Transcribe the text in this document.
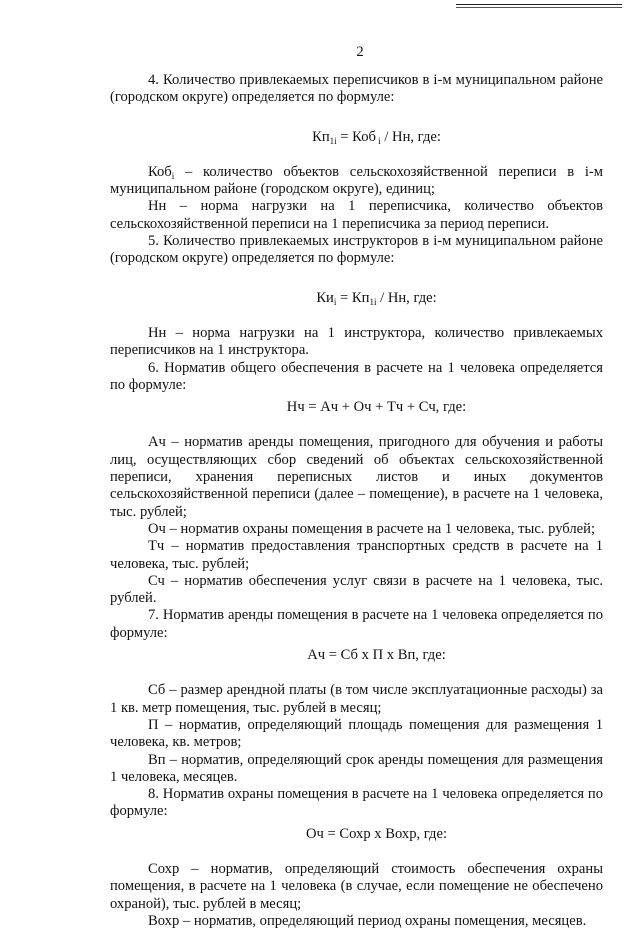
2

4. Количество привлекаемых переписчиков в i-м муниципальном районе (городском округе) определяется по формуле:

$Кп_{1i}$ = Коб $_i$ / Нн, где:

Коб$_i$ – количество объектов сельскохозяйственной переписи в i-м муниципальном районе (городском округе), единиц;

Нн – норма нагрузки на 1 переписчика, количество объектов сельскохозяйственной переписи на 1 переписчика за период переписи.

5. Количество привлекаемых инструкторов в i-м муниципальном районе (городском округе) определяется по формуле:

$Ки_i = Кп_{1i}$ / Нн, где:

Нн – норма нагрузки на 1 инструктора, количество привлекаемых переписчиков на 1 инструктора.

6. Норматив общего обеспечения в расчете на 1 человека определяется по формуле:

Нч = Ач + Оч + Тч + Сч, где:

Ач – норматив аренды помещения, пригодного для обучения и работы лиц, осуществляющих сбор сведений об объектах сельскохозяйственной переписи, хранения переписных листов и иных документов сельскохозяйственной переписи (далее – помещение), в расчете на 1 человека, тыс. рублей;

Оч – норматив охраны помещения в расчете на 1 человека, тыс. рублей;

Тч – норматив предоставления транспортных средств в расчете на 1 человека, тыс. рублей;

Сч – норматив обеспечения услуг связи в расчете на 1 человека, тыс. рублей.

7. Норматив аренды помещения в расчете на 1 человека определяется по формуле:

Ач = Сб х П х Вп, где:

Сб – размер арендной платы (в том числе эксплуатационные расходы) за 1 кв. метр помещения, тыс. рублей в месяц;

П – норматив, определяющий площадь помещения для размещения 1 человека, кв. метров;

Вп – норматив, определяющий срок аренды помещения для размещения 1 человека, месяцев.

8. Норматив охраны помещения в расчете на 1 человека определяется по формуле:

Оч = Сохр х Вохр, где:

Сохр – норматив, определяющий стоимость обеспечения охраны помещения, в расчете на 1 человека (в случае, если помещение не обеспечено охраной), тыс. рублей в месяц;

Вохр – норматив, определяющий период охраны помещения, месяцев.
